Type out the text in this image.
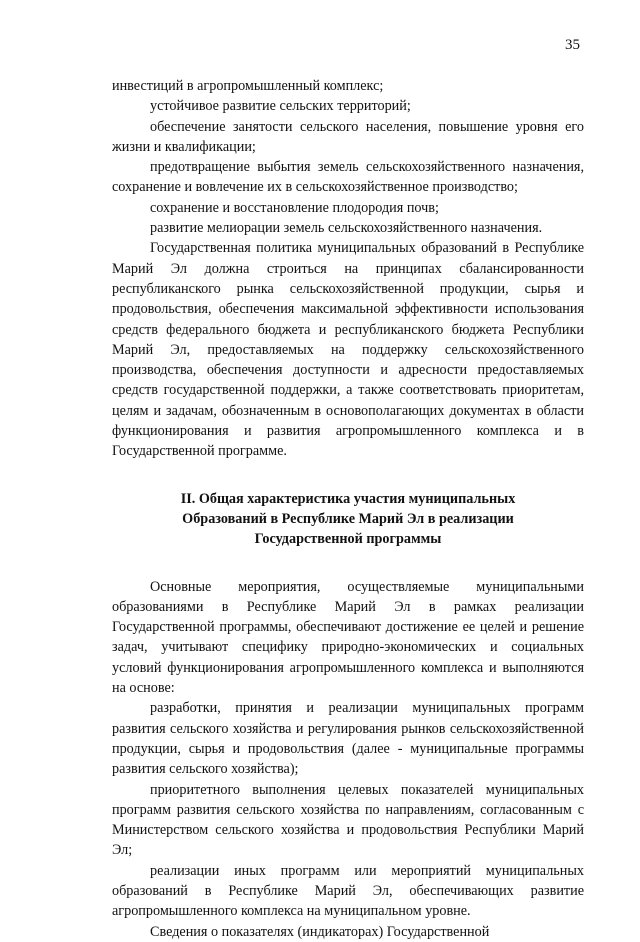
35

инвестиций в агропромышленный комплекс;

устойчивое развитие сельских территорий;

обеспечение занятости сельского населения, повышение уровня его жизни и квалификации;

предотвращение выбытия земель сельскохозяйственного назначения, сохранение и вовлечение их в сельскохозяйственное производство;

сохранение и восстановление плодородия почв;

развитие мелиорации земель сельскохозяйственного назначения.

Государственная политика муниципальных образований в Республике Марий Эл должна строиться на принципах сбалансированности республиканского рынка сельскохозяйственной продукции, сырья и продовольствия, обеспечения максимальной эффективности использования средств федерального бюджета и республиканского бюджета Республики Марий Эл, предоставляемых на поддержку сельскохозяйственного производства, обеспечения доступности и адресности предоставляемых средств государственной поддержки, а также соответствовать приоритетам, целям и задачам, обозначенным в основополагающих документах в области функционирования и развития агропромышленного комплекса и в Государственной программе.

II. Общая характеристика участия муниципальных
Образований в Республике Марий Эл в реализации
Государственной программы

Основные мероприятия, осуществляемые муниципальными образованиями в Республике Марий Эл в рамках реализации Государственной программы, обеспечивают достижение ее целей и решение задач, учитывают специфику природно-экономических и социальных условий функционирования агропромышленного комплекса и выполняются на основе:

разработки, принятия и реализации муниципальных программ развития сельского хозяйства и регулирования рынков сельскохозяйственной продукции, сырья и продовольствия (далее - муниципальные программы развития сельского хозяйства);

приоритетного выполнения целевых показателей муниципальных программ развития сельского хозяйства по направлениям, согласованным с Министерством сельского хозяйства и продовольствия Республики Марий Эл;

реализации иных программ или мероприятий муниципальных образований в Республике Марий Эл, обеспечивающих развитие агропромышленного комплекса на муниципальном уровне.

Сведения о показателях (индикаторах) Государственной
